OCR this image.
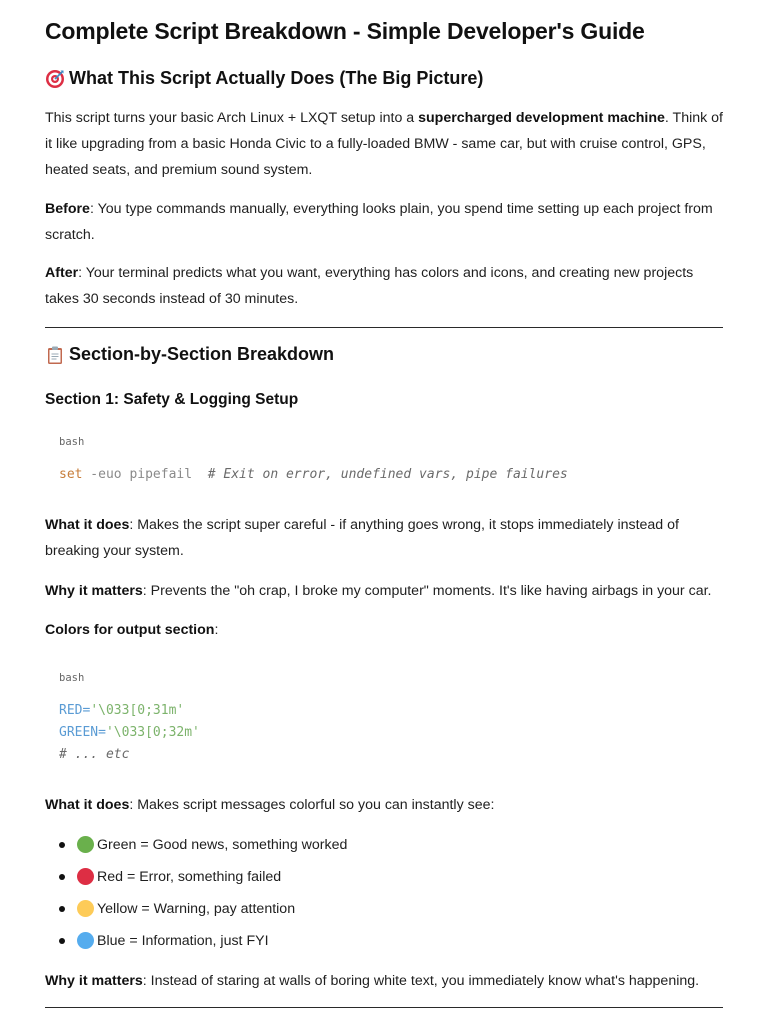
Complete Script Breakdown - Simple Developer's Guide
What This Script Actually Does (The Big Picture)
This script turns your basic Arch Linux + LXQT setup into a supercharged development machine. Think of it like upgrading from a basic Honda Civic to a fully-loaded BMW - same car, but with cruise control, GPS, heated seats, and premium sound system.
Before: You type commands manually, everything looks plain, you spend time setting up each project from scratch.
After: Your terminal predicts what you want, everything has colors and icons, and creating new projects takes 30 seconds instead of 30 minutes.
Section-by-Section Breakdown
Section 1: Safety & Logging Setup
bash
set -euo pipefail  # Exit on error, undefined vars, pipe failures
What it does: Makes the script super careful - if anything goes wrong, it stops immediately instead of breaking your system.
Why it matters: Prevents the "oh crap, I broke my computer" moments. It's like having airbags in your car.
Colors for output section:
bash
RED='\033[0;31m'
GREEN='\033[0;32m'
# ... etc
What it does: Makes script messages colorful so you can instantly see:
Green = Good news, something worked
Red = Error, something failed
Yellow = Warning, pay attention
Blue = Information, just FYI
Why it matters: Instead of staring at walls of boring white text, you immediately know what's happening.
